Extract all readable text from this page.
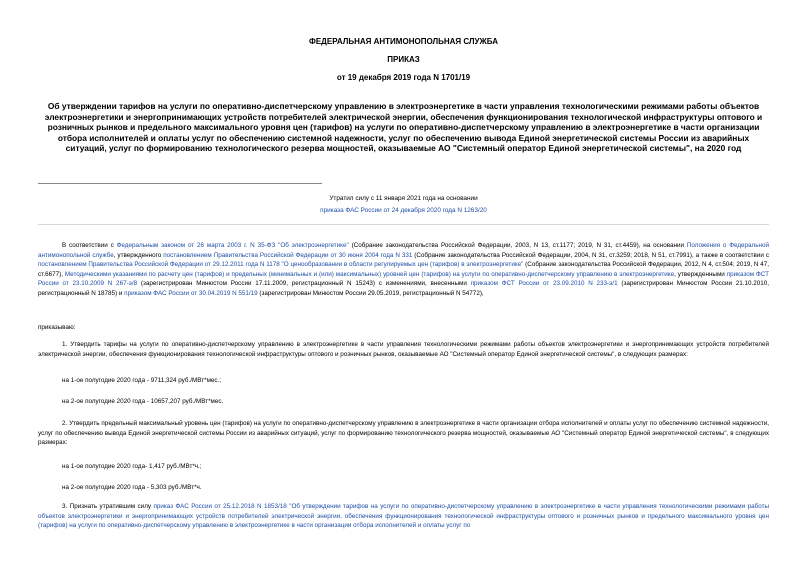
ФЕДЕРАЛЬНАЯ АНТИМОНОПОЛЬНАЯ СЛУЖБА
ПРИКАЗ
от 19 декабря 2019 года N 1701/19
Об утверждении тарифов на услуги по оперативно-диспетчерскому управлению в электроэнергетике в части управления технологическими режимами работы объектов электроэнергетики и энергопринимающих устройств потребителей электрической энергии, обеспечения функционирования технологической инфраструктуры оптового и розничных рынков и предельного максимального уровня цен (тарифов) на услуги по оперативно-диспетчерскому управлению в электроэнергетике в части организации отбора исполнителей и оплаты услуг по обеспечению системной надежности, услуг по обеспечению вывода Единой энергетической системы России из аварийных ситуаций, услуг по формированию технологического резерва мощностей, оказываемые АО "Системный оператор Единой энергетической системы", на 2020 год
Утратил силу с 11 января 2021 года на основании
приказа ФАС России от 24 декабря 2020 года N 1263/20
В соответствии с Федеральным законом от 26 марта 2003 г. N 35-ФЗ "Об электроэнергетике" (Собрание законодательства Российской Федерации, 2003, N 13, ст.1177; 2019, N 31, ст.4459), на основании Положения о Федеральной антимонопольной службе, утвержденного постановлением Правительства Российской Федерации от 30 июня 2004 года N 331 (Собрание законодательства Российской Федерации, 2004, N 31, ст.3259; 2018, N 51, ст.7991), а также в соответствии с постановлением Правительства Российской Федерации от 29.12.2011 года N 1178 "О ценообразовании в области регулируемых цен (тарифов) в электроэнергетике" (Собрание законодательства Российской Федерации, 2012, N 4, ст.504; 2019, N 47, ст.6677), Методическими указаниями по расчету цен (тарифов) и предельных (минимальных и (или) максимальных) уровней цен (тарифов) на услуги по оперативно-диспетчерскому управлению в электроэнергетике, утвержденными приказом ФСТ России от 23.10.2009 N 267-э/8 (зарегистрирован Минюстом России 17.11.2009, регистрационный N 15243) с изменениями, внесенными приказом ФСТ России от 23.09.2010 N 233-э/1 (зарегистрирован Минюстом России 21.10.2010, регистрационный N 18785) и приказом ФАС России от 30.04.2019 N 551/19 (зарегистрирован Минюстом России 29.05.2019, регистрационный N 54772),
приказываю:
1. Утвердить тарифы на услуги по оперативно-диспетчерскому управлению в электроэнергетике в части управления технологическими режимами работы объектов электроэнергетики и энергопринимающих устройств потребителей электрической энергии, обеспечения функционирования технологической инфраструктуры оптового и розничных рынков, оказываемые АО "Системный оператор Единой энергетической системы", в следующих размерах:
на 1-ое полугодие 2020 года - 9711,324 руб./МВт*мес.;
на 2-ое полугодие 2020 года - 10657,207 руб./МВт*мес.
2. Утвердить предельный максимальный уровень цен (тарифов) на услуги по оперативно-диспетчерскому управлению в электроэнергетике в части организации отбора исполнителей и оплаты услуг по обеспечению системной надежности, услуг по обеспечению вывода Единой энергетической системы России из аварийных ситуаций, услуг по формированию технологического резерва мощностей, оказываемые АО "Системный оператор Единой энергетической системы", в следующих размерах:
на 1-ое полугодие 2020 года- 1,417 руб./МВт*ч.;
на 2-ое полугодие 2020 года - 5,303 руб./МВт*ч.
3. Признать утратившим силу приказ ФАС России от 25.12.2018 N 1853/18 "Об утверждении тарифов на услуги по оперативно-диспетчерскому управлению в электроэнергетике в части управления технологическими режимами работы объектов электроэнергетики и энергопринимающих устройств потребителей электрической энергии, обеспечения функционирования технологической инфраструктуры оптового и розничных рынков и предельного максимального уровня цен (тарифов) на услуги по оперативно-диспетчерскому управлению в электроэнергетике в части организации отбора исполнителей и оплаты услуг по
